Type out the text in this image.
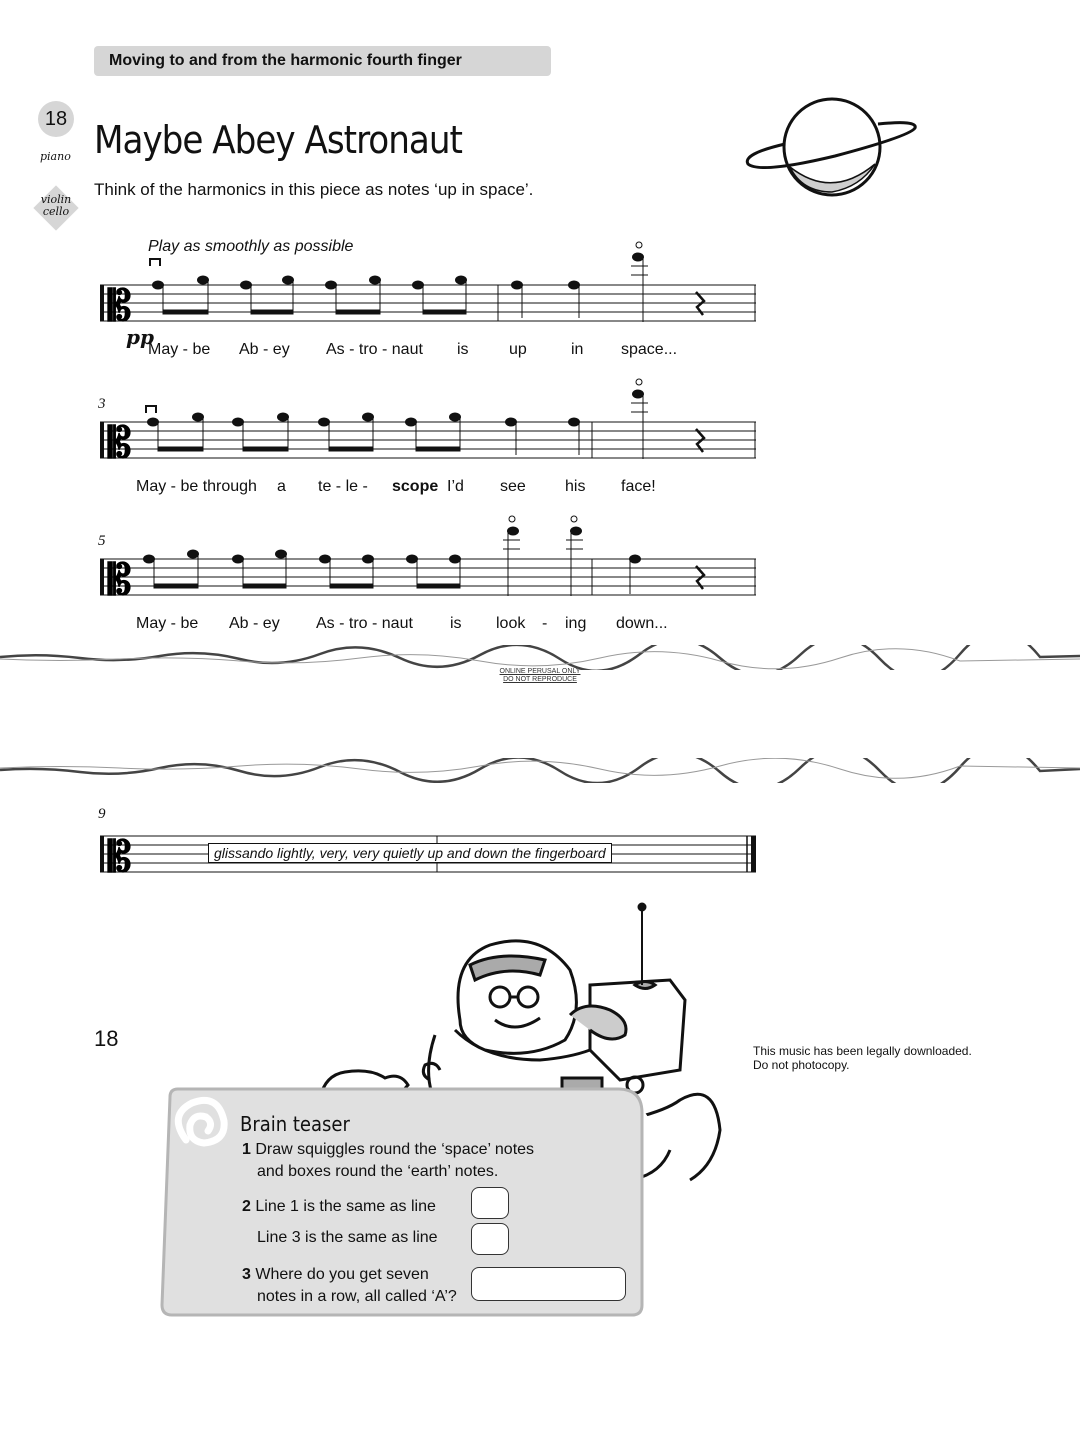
Moving to and from the harmonic fourth finger
18
piano
violin
cello
Maybe Abey Astronaut
Think of the harmonics in this piece as notes ‘up in space’.
Play as smoothly as possible
𝄡
pp
May - be Ab - ey As - tro - naut is	up	in space...
3
𝄡
May - be through a te - le - scope I’d see his face!
5
𝄡
May - be Ab - ey As - tro - naut is look - ing down...
ONLINE PERUSAL ONLY
DO NOT REPRODUCE
9
𝄡	glissando lightly, very, very quietly up and down the fingerboard
Brain teaser
1 Draw squiggles round the ‘space’ notes
and boxes round the ‘earth’ notes.
2 Line 1 is the same as line
Line 3 is the same as line
3 Where do you get seven
notes in a row, all called ‘A’?
18	This music has been legally downloaded.
Do not photocopy.
